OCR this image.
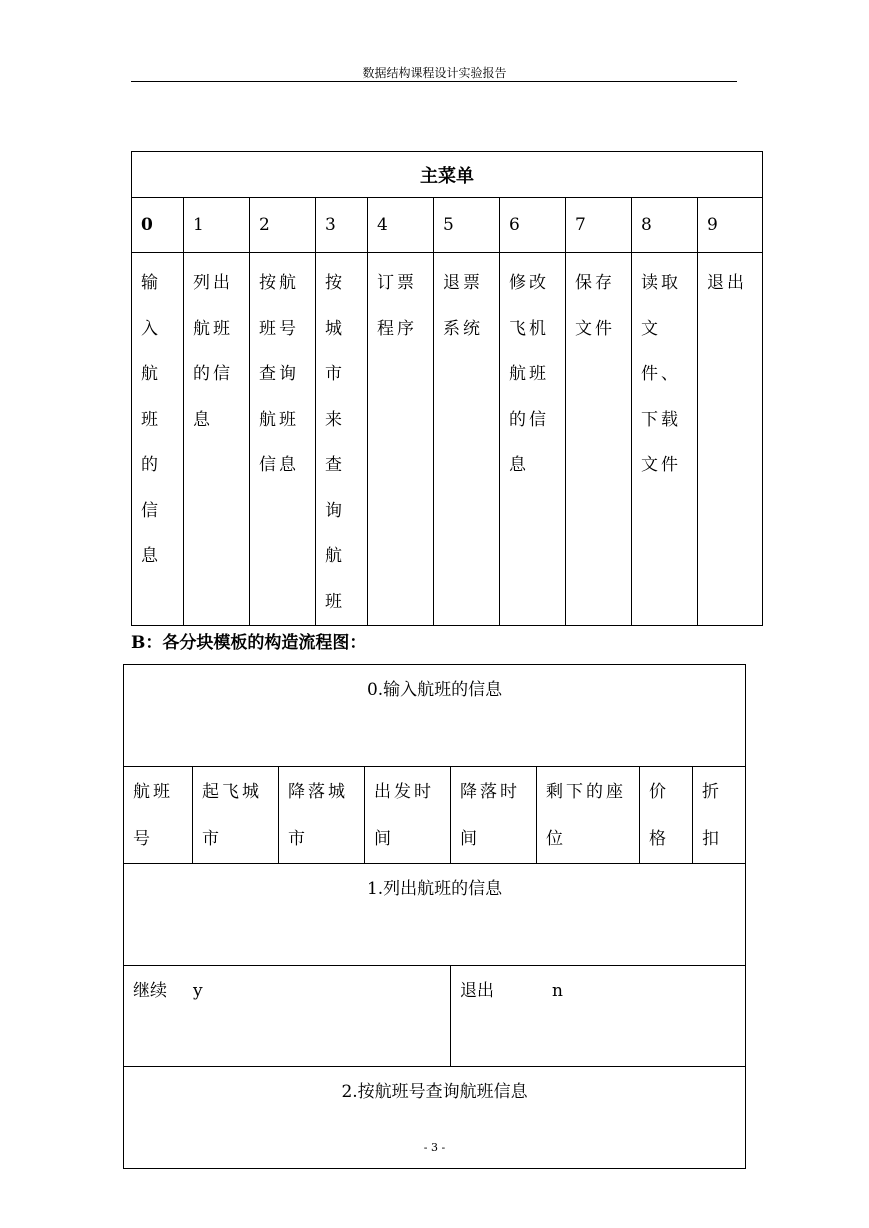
数据结构课程设计实验报告
主菜单									
0	1	2	3	4	5	6	7	8	9
输入航班的信息	列出航班的信息	按航班号查询航班信息	按城市来查询航班	订票程序	退票系统	修改飞机航班的信息	保存文件	读取文件、下载文件	退出
B：各分块模板的构造流程图：
0.输入航班的信息							
航班号	起飞城市	降落城市	出发时间	降落时间	剩下的座位	价格	折扣
1.列出航班的信息							
继续 y				退出 n			
2.按航班号查询航班信息							
- 3 -
